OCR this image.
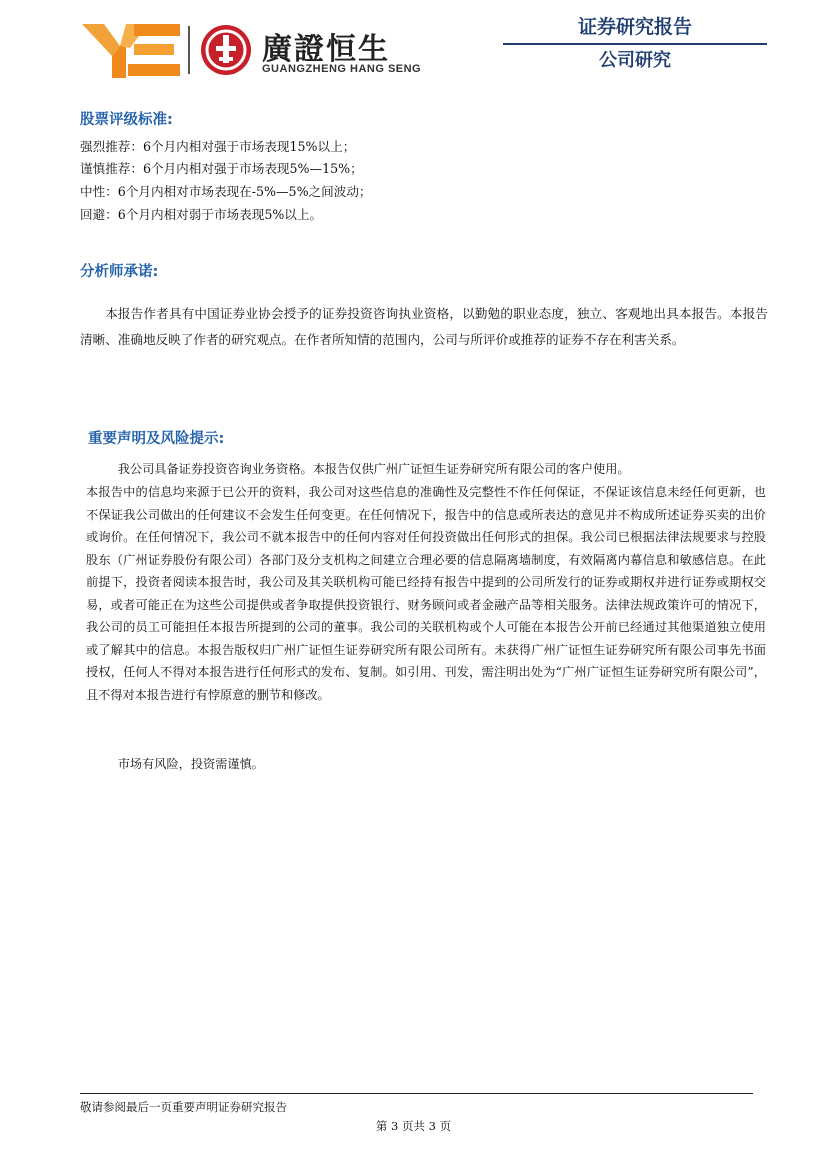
廣證恒生
GUANGZHENG HANG SENG
证券研究报告
公司研究
股票评级标准:
强烈推荐：6个月内相对强于市场表现15%以上；
谨慎推荐：6个月内相对强于市场表现5%—15%；
中性：6个月内相对市场表现在-5%—5%之间波动；
回避：6个月内相对弱于市场表现5%以上。
分析师承诺:

本报告作者具有中国证券业协会授予的证券投资咨询执业资格，以勤勉的职业态度，独立、客观地出具本报告。本报告清晰、准确地反映了作者的研究观点。在作者所知情的范围内，公司与所评价或推荐的证券不存在利害关系。

重要声明及风险提示:

我公司具备证券投资咨询业务资格。本报告仅供广州广证恒生证券研究所有限公司的客户使用。

本报告中的信息均来源于已公开的资料，我公司对这些信息的准确性及完整性不作任何保证，不保证该信息未经任何更新，也不保证我公司做出的任何建议不会发生任何变更。在任何情况下，报告中的信息或所表达的意见并不构成所述证券买卖的出价或询价。在任何情况下，我公司不就本报告中的任何内容对任何投资做出任何形式的担保。我公司已根据法律法规要求与控股股东（广州证券股份有限公司）各部门及分支机构之间建立合理必要的信息隔离墙制度，有效隔离内幕信息和敏感信息。在此前提下，投资者阅读本报告时，我公司及其关联机构可能已经持有报告中提到的公司所发行的证券或期权并进行证券或期权交易，或者可能正在为这些公司提供或者争取提供投资银行、财务顾问或者金融产品等相关服务。法律法规政策许可的情况下，我公司的员工可能担任本报告所提到的公司的董事。我公司的关联机构或个人可能在本报告公开前已经通过其他渠道独立使用或了解其中的信息。本报告版权归广州广证恒生证券研究所有限公司所有。未获得广州广证恒生证券研究所有限公司事先书面授权，任何人不得对本报告进行任何形式的发布、复制。如引用、刊发，需注明出处为“广州广证恒生证券研究所有限公司”，且不得对本报告进行有悖原意的删节和修改。

市场有风险，投资需谨慎。

敬请参阅最后一页重要声明证券研究报告
第 3 页共 3 页
